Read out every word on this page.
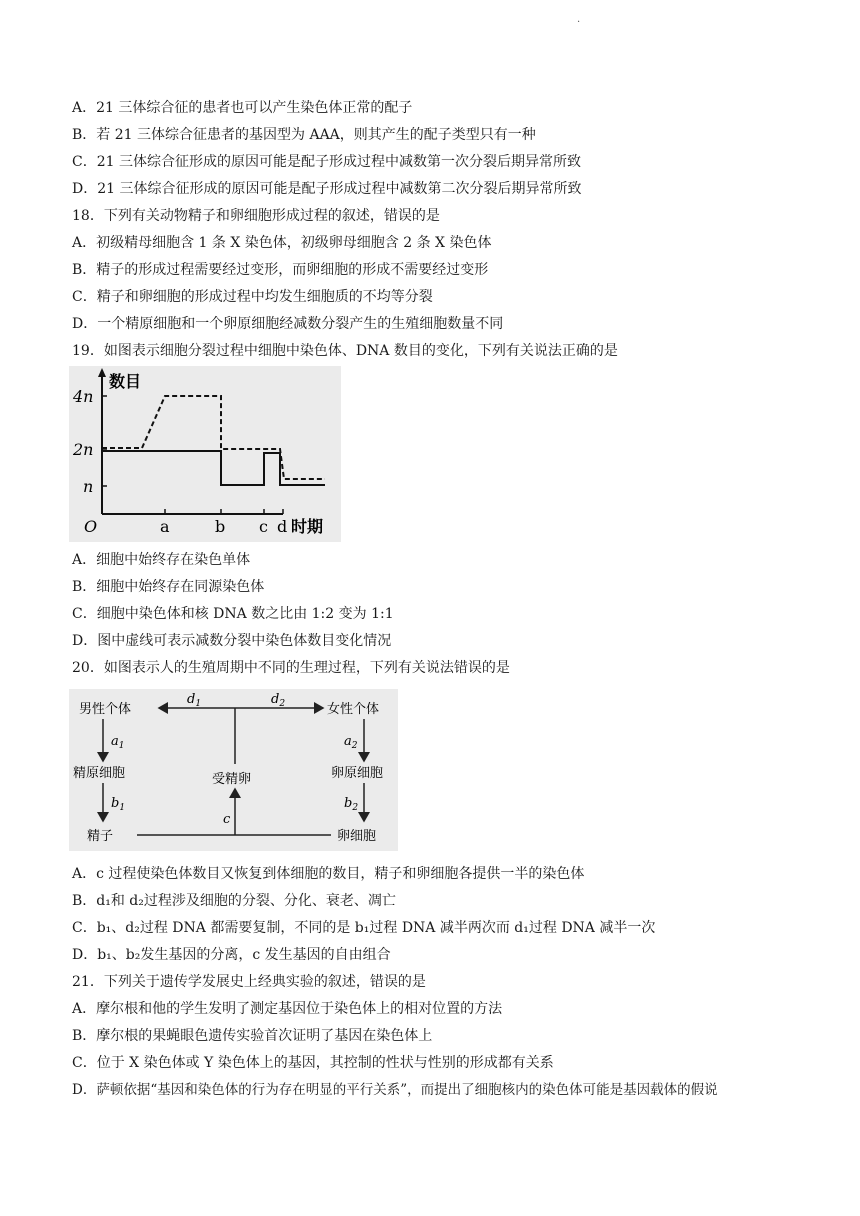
.
A．21 三体综合征的患者也可以产生染色体正常的配子
B．若 21 三体综合征患者的基因型为 AAA，则其产生的配子类型只有一种
C．21 三体综合征形成的原因可能是配子形成过程中减数第一次分裂后期异常所致
D．21 三体综合征形成的原因可能是配子形成过程中减数第二次分裂后期异常所致
18．下列有关动物精子和卵细胞形成过程的叙述，错误的是
A．初级精母细胞含 1 条 X 染色体，初级卵母细胞含 2 条 X 染色体
B．精子的形成过程需要经过变形，而卵细胞的形成不需要经过变形
C．精子和卵细胞的形成过程中均发生细胞质的不均等分裂
D．一个精原细胞和一个卵原细胞经减数分裂产生的生殖细胞数量不同
19．如图表示细胞分裂过程中细胞中染色体、DNA 数目的变化，下列有关说法正确的是
数目
4n
2n
n
O	a	b c d 时期
A．细胞中始终存在染色单体
B．细胞中始终存在同源染色体
C．细胞中染色体和核 DNA 数之比由 1:2 变为 1:1
D．图中虚线可表示减数分裂中染色体数目变化情况
20．如图表示人的生殖周期中不同的生理过程，下列有关说法错误的是
男性个体	女性个体
精原细胞	卵原细胞
受精卵
精子	卵细胞
$d_1$	$d_2$
$a_1$	$a_2$
$b_1$	$b_2$
c
A．c 过程使染色体数目又恢复到体细胞的数目，精子和卵细胞各提供一半的染色体
B．d₁和 d₂过程涉及细胞的分裂、分化、衰老、凋亡
C．b₁、d₂过程 DNA 都需要复制，不同的是 b₁过程 DNA 减半两次而 d₁过程 DNA 减半一次
D．b₁、b₂发生基因的分离，c 发生基因的自由组合
21．下列关于遗传学发展史上经典实验的叙述，错误的是
A．摩尔根和他的学生发明了测定基因位于染色体上的相对位置的方法
B．摩尔根的果蝇眼色遗传实验首次证明了基因在染色体上
C．位于 X 染色体或 Y 染色体上的基因，其控制的性状与性别的形成都有关系
D．萨顿依据“基因和染色体的行为存在明显的平行关系”，而提出了细胞核内的染色体可能是基因载体的假说
